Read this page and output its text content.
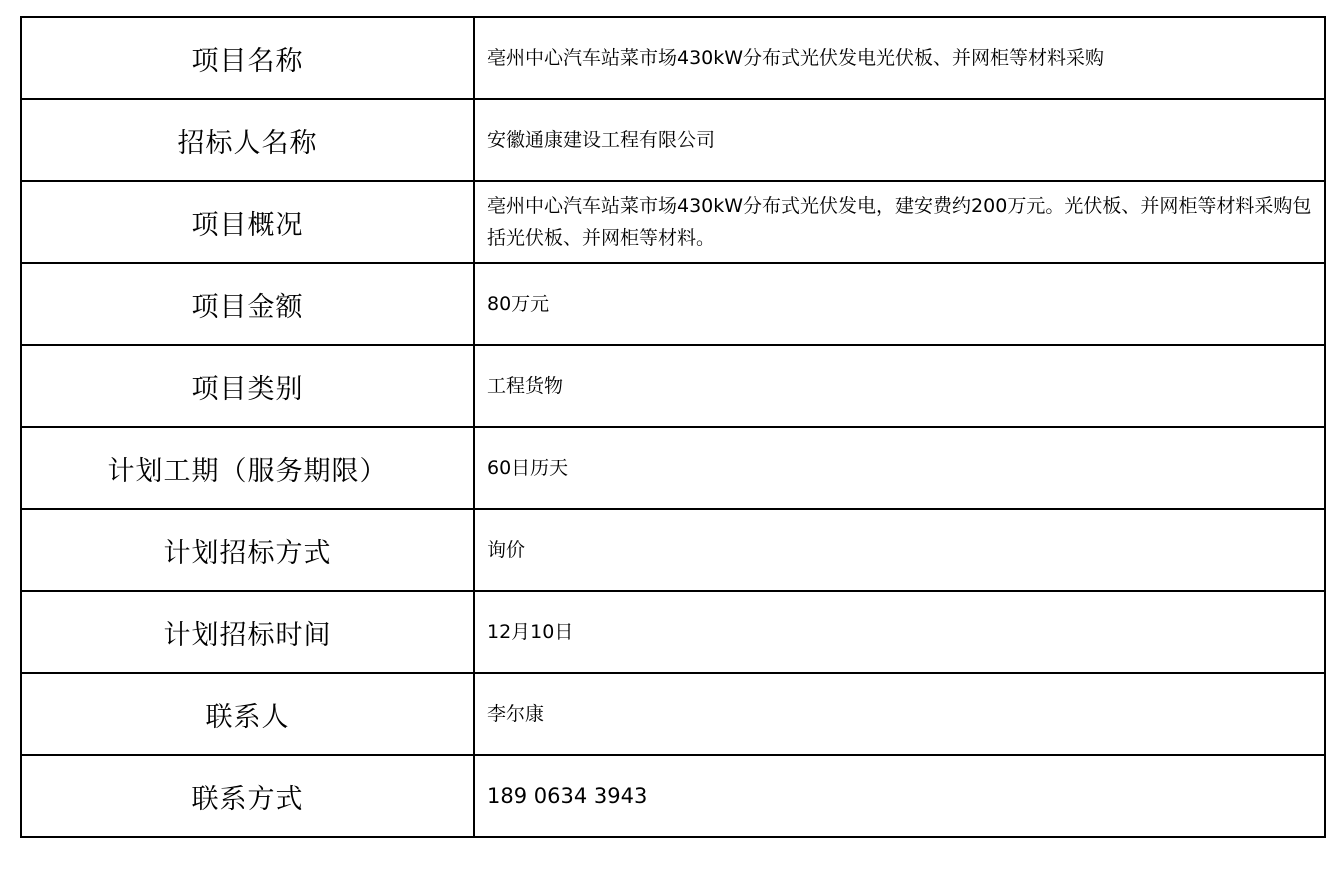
项目名称	亳州中心汽车站菜市场430kW分布式光伏发电光伏板、并网柜等材料采购
招标人名称	安徽通康建设工程有限公司
项目概况	亳州中心汽车站菜市场430kW分布式光伏发电，建安费约200万元。光伏板、并网柜等材料采购包括光伏板、并网柜等材料。
项目金额	80万元
项目类别	工程货物
计划工期（服务期限）	60日历天
计划招标方式	询价
计划招标时间	12月10日
联系人	李尔康
联系方式	189 0634 3943
